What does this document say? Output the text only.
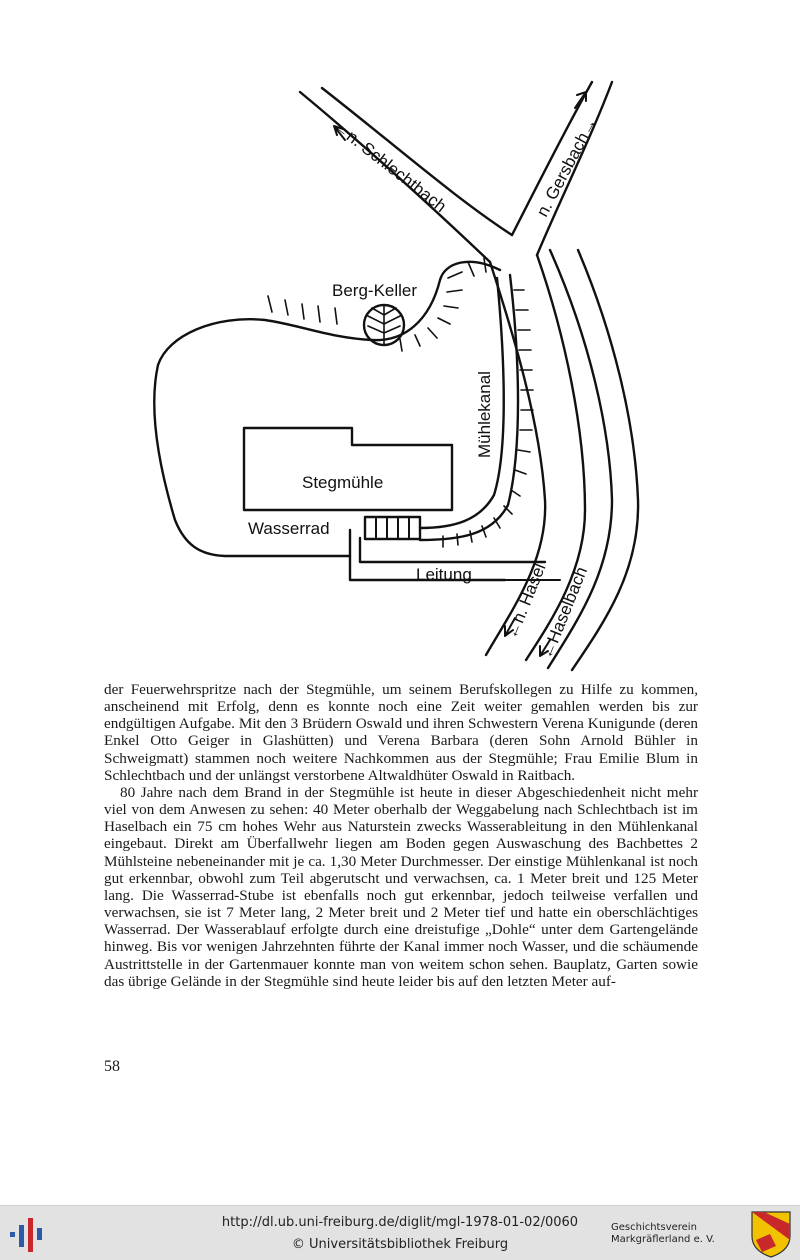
←n. Schlechtbach	n. Gersbach→
Berg-Keller
Mühlekanal
Stegmühle
Wasserrad
Leitung ←n. Hasel
←Haselbach

der Feuerwehrspritze nach der Stegmühle, um seinem Berufskollegen zu Hilfe zu kommen, anscheinend mit Erfolg, denn es konnte noch eine Zeit weiter gemahlen werden bis zur endgültigen Aufgabe. Mit den 3 Brüdern Oswald und ihren Schwestern Verena Kunigunde (deren Enkel Otto Geiger in Glashütten) und Verena Barbara (deren Sohn Arnold Bühler in Schweigmatt) stammen noch weitere Nachkommen aus der Stegmühle; Frau Emilie Blum in Schlechtbach und der unlängst verstorbene Altwaldhüter Oswald in Raitbach.

80 Jahre nach dem Brand in der Stegmühle ist heute in dieser Abgeschiedenheit nicht mehr viel von dem Anwesen zu sehen: 40 Meter oberhalb der Weggabelung nach Schlechtbach ist im Haselbach ein 75 cm hohes Wehr aus Naturstein zwecks Wasserableitung in den Mühlenkanal eingebaut. Direkt am Überfallwehr liegen am Boden gegen Auswaschung des Bachbettes 2 Mühlsteine nebeneinander mit je ca. 1,30 Meter Durchmesser. Der einstige Mühlenkanal ist noch gut erkennbar, obwohl zum Teil abgerutscht und verwachsen, ca. 1 Meter breit und 125 Meter lang. Die Wasserrad-Stube ist ebenfalls noch gut erkennbar, jedoch teilweise verfallen und verwachsen, sie ist 7 Meter lang, 2 Meter breit und 2 Meter tief und hatte ein oberschlächtiges Wasserrad. Der Wasserablauf erfolgte durch eine dreistufige „Dohle“ unter dem Gartengelände hinweg. Bis vor wenigen Jahrzehnten führte der Kanal immer noch Wasser, und die schäumende Austrittstelle in der Gartenmauer konnte man von weitem schon sehen. Bauplatz, Garten sowie das übrige Gelände in der Stegmühle sind heute leider bis auf den letzten Meter auf-

58
http://dl.ub.uni-freiburg.de/diglit/mgl-1978-01-02/0060
© Universitätsbibliothek Freiburg
Geschichtsverein
Markgräflerland e. V.
